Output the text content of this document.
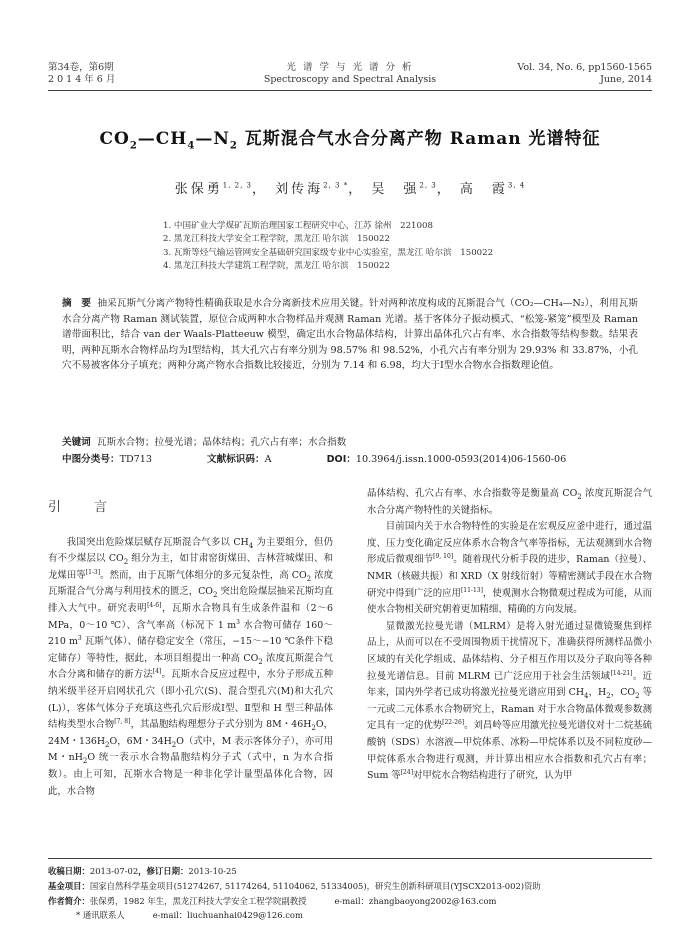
第34卷，第6期
2 0 1 4 年 6 月
光 谱 学 与 光 谱 分 析
Spectroscopy and Spectral Analysis
Vol. 34, No. 6, pp1560-1565
June, 2014
$CO_2—CH_4—N_2$ 瓦斯混合气水合分离产物 Raman 光谱特征
张保勇$^{1, 2, 3}$， 刘传海$^{2, 3 *}$， 吴　强$^{2, 3}$， 高　霞$^{3, 4}$
1. 中国矿业大学煤矿瓦斯治理国家工程研究中心，江苏 徐州　221008
2. 黑龙江科技大学安全工程学院，黑龙江 哈尔滨　150022
3. 瓦斯等烃气输运管网安全基础研究国家级专业中心实验室，黑龙江 哈尔滨　150022
4. 黑龙江科技大学建筑工程学院，黑龙江 哈尔滨　150022
摘　要 抽采瓦斯气分离产物特性精确获取是水合分离新技术应用关键。针对两种浓度构成的瓦斯混合气（CO₂—CH₄—N₂），利用瓦斯水合分离产物 Raman 测试装置，原位合成两种水合物样品并观测 Raman 光谱。基于客体分子振动模式、“松笼-紧笼”模型及 Raman 谱带面积比，结合 van der Waals-Platteeuw 模型，确定出水合物晶体结构，计算出晶体孔穴占有率、水合指数等结构参数。结果表明，两种瓦斯水合物样品均为Ⅰ型结构，其大孔穴占有率分别为 98.57% 和 98.52%，小孔穴占有率分别为 29.93% 和 33.87%，小孔穴不易被客体分子填充；两种分离产物水合指数比较接近，分别为 7.14 和 6.98，均大于Ⅰ型水合物水合指数理论值。
关键词 瓦斯水合物；拉曼光谱；晶体结构；孔穴占有率；水合指数
中图分类号：TD713	文献标识码：A	DOI：10.3964/j.issn.1000-0593(2014)06-1560-06
引　言

我国突出危险煤层赋存瓦斯混合气多以 $CH_4$ 为主要组分，但仍有不少煤层以 $CO_2$ 组分为主，如甘肃窑街煤田、吉林营城煤田、和龙煤田等[1-3]。然而，由于瓦斯气体组分的多元复杂性，高 $CO_2$ 浓度瓦斯混合气分离与利用技术的匮乏，$CO_2$ 突出危险煤层抽采瓦斯均直排入大气中。研究表明[4-6]，瓦斯水合物具有生成条件温和（2～6 MPa，0～10 ℃）、含气率高（标况下 1 $m^3$ 水合物可储存 160～210 $m^3$ 瓦斯气体）、储存稳定安全（常压，−15～−10 ℃条件下稳定储存）等特性，据此，本项目组提出一种高 $CO_2$ 浓度瓦斯混合气水合分离和储存的新方法[4]。瓦斯水合反应过程中，水分子形成五种纳米级半径开启网状孔穴（即小孔穴(S)、混合型孔穴(M)和大孔穴(L)），客体气体分子充填这些孔穴后形成Ⅰ型、Ⅱ型和 H 型三种晶体结构类型水合物[7, 8]，其晶胞结构理想分子式分别为 8M・$46H_2O$，24M・$136H_2O$，6M・$34H_2O$（式中，M 表示客体分子），亦可用 M・$nH_2O$ 统一表示水合物晶胞结构分子式（式中，n 为水合指数）。由上可知，瓦斯水合物是一种非化学计量型晶体化合物，因此，水合物

晶体结构、孔穴占有率、水合指数等是衡量高 $CO_2$ 浓度瓦斯混合气水合分离产物特性的关键指标。

目前国内关于水合物特性的实验是在宏观反应釜中进行，通过温度、压力变化确定反应体系水合物含气率等指标，无法观测到水合物形成后微观细节[9, 10]。随着现代分析手段的进步，Raman（拉曼）、NMR（核磁共振）和 XRD（X 射线衍射）等精密测试手段在水合物研究中得到广泛的应用[11-13]，使观测水合物微观过程成为可能，从而使水合物相关研究朝着更加精细、精确的方向发展。

显微激光拉曼光谱（MLRM）是将入射光通过显微镜聚焦到样品上，从而可以在不受周围物质干扰情况下，准确获得所测样品微小区域的有关化学组成、晶体结构、分子相互作用以及分子取向等各种拉曼光谱信息。目前 MLRM 已广泛应用于社会生活领域[14-21]。近年来，国内外学者已成功将激光拉曼光谱应用到 $CH_4$，$H_2$，$CO_2$ 等一元或二元体系水合物研究上，Raman 对于水合物晶体微观参数测定具有一定的优势[22-26]。刘昌岭等应用激光拉曼光谱仪对十二烷基硫酸钠（SDS）水溶液—甲烷体系、冰粉—甲烷体系以及不同粒度砂—甲烷体系水合物进行观测，并计算出相应水合指数和孔穴占有率；Sum 等[24]对甲烷水合物结构进行了研究，认为甲

收稿日期：2013-07-02，修订日期：2013-10-25
基金项目：国家自然科学基金项目(51274267, 51174264, 51104062, 51334005)，研究生创新科研项目(YJSCX2013-002)资助
作者简介：张保勇，1982 年生，黑龙江科技大学安全工程学院副教授	e-mail：zhangbaoyong2002@163.com
* 通讯联系人	e-mail：liuchuanhai0429@126.com
